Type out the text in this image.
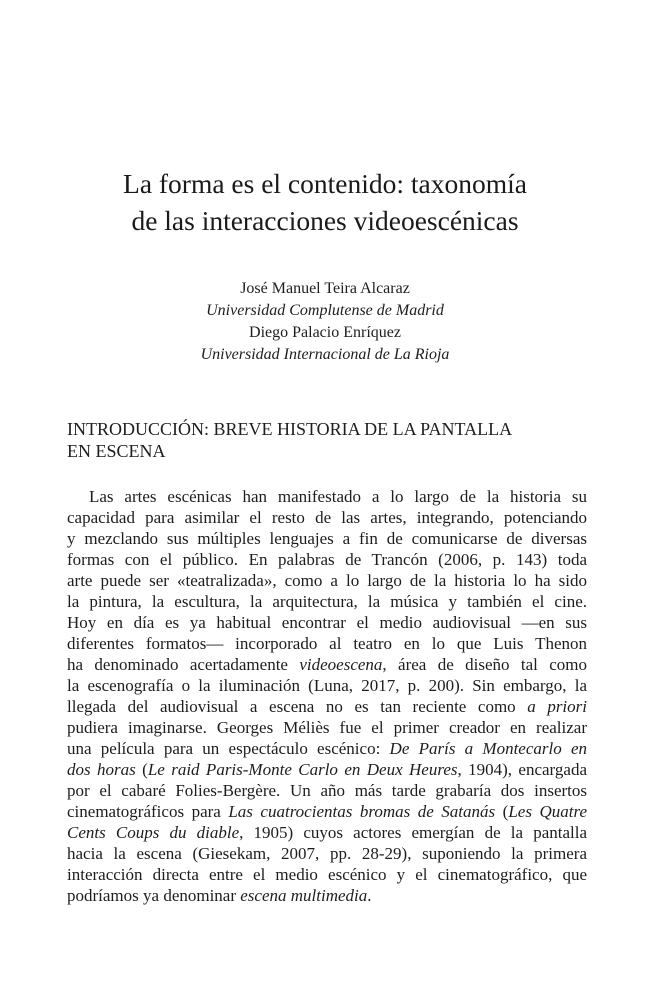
La forma es el contenido: taxonomía
de las interacciones videoescénicas
José Manuel Teira Alcaraz
Universidad Complutense de Madrid
Diego Palacio Enríquez
Universidad Internacional de La Rioja
INTRODUCCIÓN: BREVE HISTORIA DE LA PANTALLA
EN ESCENA
Las artes escénicas han manifestado a lo largo de la historia su
capacidad para asimilar el resto de las artes, integrando, potenciando
y mezclando sus múltiples lenguajes a fin de comunicarse de diversas
formas con el público. En palabras de Trancón (2006, p. 143) toda
arte puede ser «teatralizada», como a lo largo de la historia lo ha sido
la pintura, la escultura, la arquitectura, la música y también el cine.
Hoy en día es ya habitual encontrar el medio audiovisual —en sus
diferentes formatos— incorporado al teatro en lo que Luis Thenon
ha denominado acertadamente videoescena, área de diseño tal como
la escenografía o la iluminación (Luna, 2017, p. 200). Sin embargo, la
llegada del audiovisual a escena no es tan reciente como a priori
pudiera imaginarse. Georges Méliès fue el primer creador en realizar
una película para un espectáculo escénico: De París a Montecarlo en
dos horas (Le raid Paris-Monte Carlo en Deux Heures, 1904), encargada
por el cabaré Folies-Bergère. Un año más tarde grabaría dos insertos
cinematográficos para Las cuatrocientas bromas de Satanás (Les Quatre
Cents Coups du diable, 1905) cuyos actores emergían de la pantalla
hacia la escena (Giesekam, 2007, pp. 28-29), suponiendo la primera
interacción directa entre el medio escénico y el cinematográfico, que
podríamos ya denominar escena multimedia.
